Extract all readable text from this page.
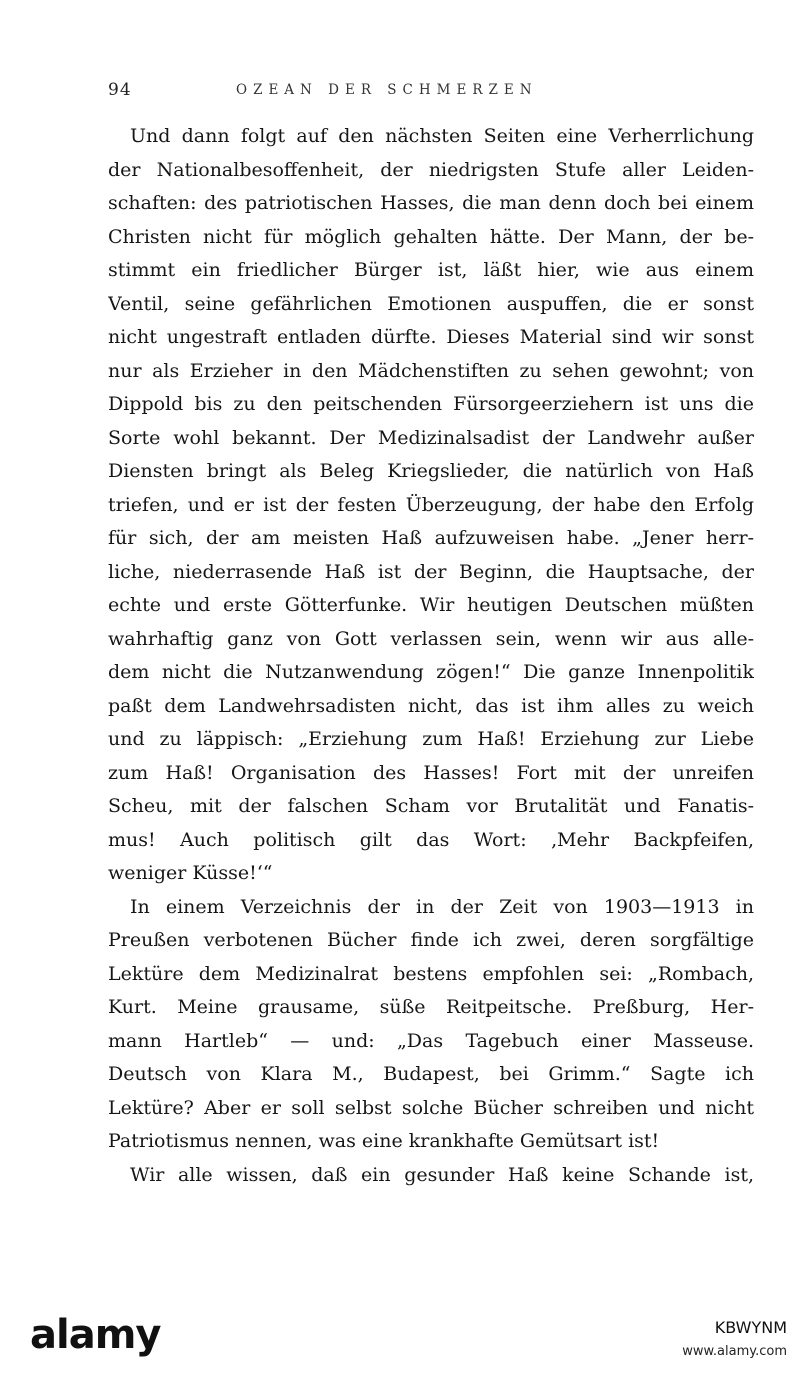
94	OZEAN DER SCHMERZEN
Und dann folgt auf den nächsten Seiten eine Verherrlichung
der Nationalbesoffenheit, der niedrigsten Stufe aller Leiden-
schaften: des patriotischen Hasses, die man denn doch bei einem
Christen nicht für möglich gehalten hätte. Der Mann, der be-
stimmt ein friedlicher Bürger ist, läßt hier, wie aus einem
Ventil, seine gefährlichen Emotionen auspuffen, die er sonst
nicht ungestraft entladen dürfte. Dieses Material sind wir sonst
nur als Erzieher in den Mädchenstiften zu sehen gewohnt; von
Dippold bis zu den peitschenden Fürsorgeerziehern ist uns die
Sorte wohl bekannt. Der Medizinalsadist der Landwehr außer
Diensten bringt als Beleg Kriegslieder, die natürlich von Haß
triefen, und er ist der festen Überzeugung, der habe den Erfolg
für sich, der am meisten Haß aufzuweisen habe. „Jener herr-
liche, niederrasende Haß ist der Beginn, die Hauptsache, der
echte und erste Götterfunke. Wir heutigen Deutschen müßten
wahrhaftig ganz von Gott verlassen sein, wenn wir aus alle-
dem nicht die Nutzanwendung zögen!“ Die ganze Innenpolitik
paßt dem Landwehrsadisten nicht, das ist ihm alles zu weich
und zu läppisch: „Erziehung zum Haß! Erziehung zur Liebe
zum Haß! Organisation des Hasses! Fort mit der unreifen
Scheu, mit der falschen Scham vor Brutalität und Fanatis-
mus! Auch politisch gilt das Wort: ‚Mehr Backpfeifen,
weniger Küsse!‘“
In einem Verzeichnis der in der Zeit von 1903—1913 in
Preußen verbotenen Bücher finde ich zwei, deren sorgfältige
Lektüre dem Medizinalrat bestens empfohlen sei: „Rombach,
Kurt. Meine grausame, süße Reitpeitsche. Preßburg, Her-
mann Hartleb“ — und: „Das Tagebuch einer Masseuse.
Deutsch von Klara M., Budapest, bei Grimm.“ Sagte ich
Lektüre? Aber er soll selbst solche Bücher schreiben und nicht
Patriotismus nennen, was eine krankhafte Gemütsart ist!
Wir alle wissen, daß ein gesunder Haß keine Schande ist,
alamy	KBWYNM
www.alamy.com
